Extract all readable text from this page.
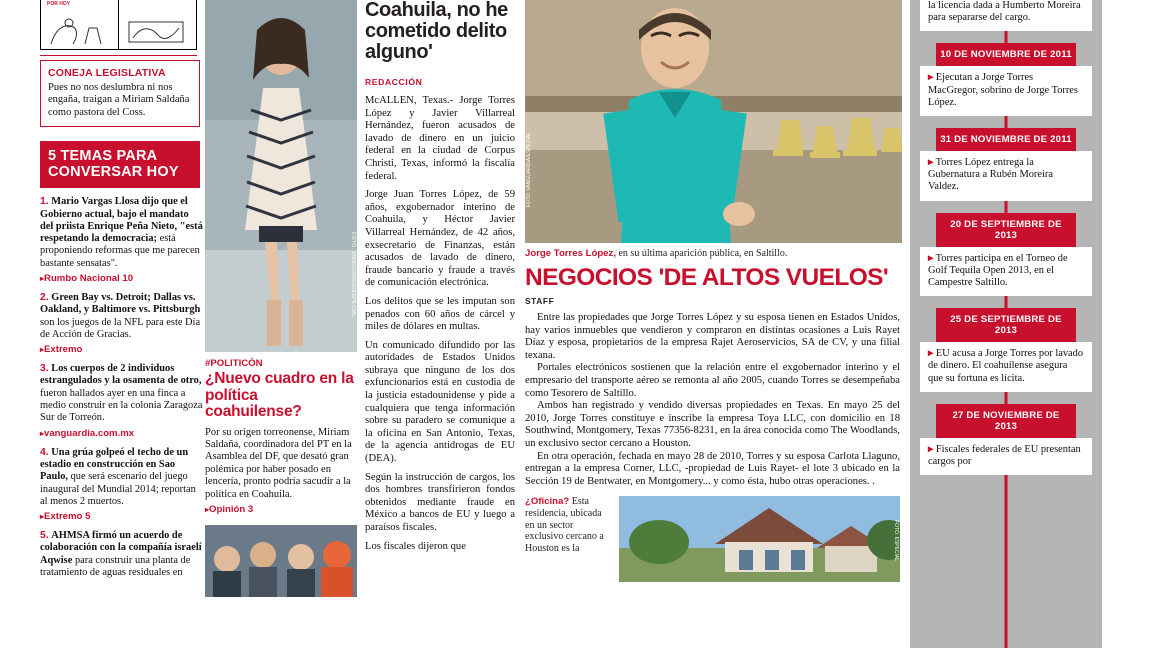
POR HOY
CONEJA LEGISLATIVA
Pues no nos deslumbra ni nos engaña, traigan a Miriam Saldaña como pastora del Coss.
5 TEMAS PARA CONVERSAR HOY

1. Mario Vargas Llosa dijo que el Gobierno actual, bajo el mandato del priista Enrique Peña Nieto, "está respetando la democracia; está proponiendo reformas que me parecen bastante sensatas".

▸Rumbo Nacional 10

2. Green Bay vs. Detroit; Dallas vs. Oakland, y Baltimore vs. Pittsburgh son los juegos de la NFL para este Día de Acción de Gracias.

▸Extremo

3. Los cuerpos de 2 individuos estrangulados y la osamenta de otro, fueron hallados ayer en una finca a medio construir en la colonia Zaragoza Sur de Torreón.

▸vanguardia.com.mx

4. Una grúa golpeó el techo de un estadio en construcción en Sao Paulo, que será escenario del juego inaugural del Mundial 2014; reportan al menos 2 muertos.

▸Extremo 5

5. AHMSA firmó un acuerdo de colaboración con la compañía israelí Aqwise para construir una planta de tratamiento de aguas residuales en

FOTO: VANGUARDIA/ESPECIAL
#POLITICÓN
¿Nuevo cuadro en la política coahuilense?
Por su origen torreonense, Miriam Saldaña, coordinadora del PT en la Asamblea del DF, que desató gran polémica por haber posado en lencería, pronto podría sacudir a la política en Coahuila.
▸Opinión 3
Coahuila, no he cometido delito alguno'
REDACCIÓN

McALLEN, Texas.- Jorge Torres López y Javier Villarreal Hernández, fueron acusados de lavado de dinero en un juicio federal en la ciudad de Corpus Christi, Texas, informó la fiscalía federal.

Jorge Juan Torres López, de 59 años, exgobernador interino de Coahuila, y Héctor Javier Villarreal Hernández, de 42 años, exsecretario de Finanzas, están acusados de lavado de dinero, fraude bancario y fraude a través de comunicación electrónica.

Los delitos que se les imputan son penados con 60 años de cárcel y miles de dólares en multas.

Un comunicado difundido por las autoridades de Estados Unidos subraya que ninguno de los dos exfuncionarios está en custodia de la justicia estadounidense y pide a cualquiera que tenga información sobre su paradero se comunique a la oficina en San Antonio, Texas, de la agencia antidrogas de EU (DEA).

Según la instrucción de cargos, los dos hombres transfirieron fondos obtenidos mediante fraude en México a bancos de EU y luego a paraísos fiscales.

Los fiscales dijeron que

FOTO: VANGUARDIA/ESPECIAL
Jorge Torres López, en su última aparición pública, en Saltillo.
NEGOCIOS 'DE ALTOS VUELOS'
STAFF

Entre las propiedades que Jorge Torres López y su esposa tienen en Estados Unidos, hay varios inmuebles que vendieron y compraron en distintas ocasiones a Luis Rayet Díaz y esposa, propietarios de la empresa Rajet Aeroservicios, SA de CV, y una filial texana.

Portales electrónicos sostienen que la relación entre el exgobernador interino y el empresario del transporte aéreo se remonta al año 2005, cuando Torres se desempeñaba como Tesorero de Saltillo.

Ambos han registrado y vendido diversas propiedades en Texas. En mayo 25 del 2010, Jorge Torres constituye e inscribe la empresa Toya LLC, con domicilio en 18 Southwind, Montgomery, Texas 77356-8231, en la área conocida como The Woodlands, un exclusivo sector cercano a Houston.

En otra operación, fechada en mayo 28 de 2010, Torres y su esposa Carlota Llaguno, entregan a la empresa Corner, LLC, -propiedad de Luis Rayet- el lote 3 ubicado en la Sección 19 de Bentwater, en Montgomery... y como ésta, hubo otras operaciones. .

¿Oficina? Esta residencia, ubicada en un sector exclusivo cercano a Houston es la	FOTO: ESPECIAL
la licencia dada a Humberto Moreira para separarse del cargo.
10 DE NOVIEMBRE DE 2011
▸ Ejecutan a Jorge Torres MacGregor, sobrino de Jorge Torres López.
31 DE NOVIEMBRE DE 2011
▸ Torres López entrega la Gubernatura a Rubén Moreira Valdez.
20 DE SEPTIEMBRE DE 2013
▸ Torres participa en el Torneo de Golf Tequila Open 2013, en el Campestre Saltillo.
25 DE SEPTIEMBRE DE 2013
▸ EU acusa a Jorge Torres por lavado de dinero. El coahuilense asegura que su fortuna es lícita.
27 DE NOVIEMBRE DE 2013
▸ Fiscales federales de EU presentan cargos por
